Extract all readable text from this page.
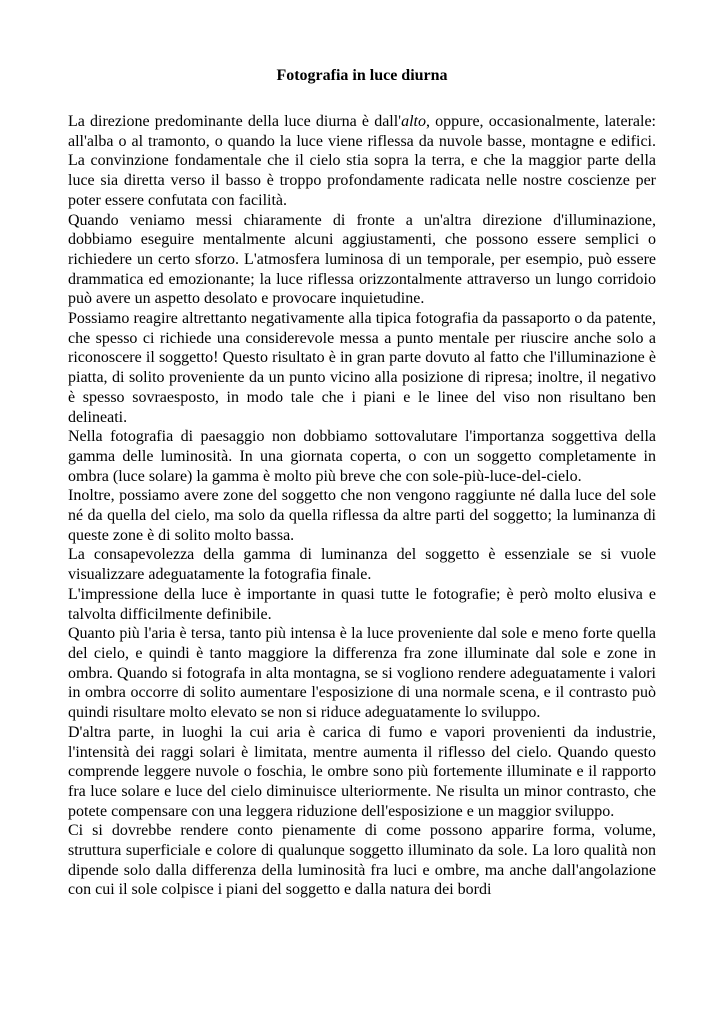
Fotografia in luce diurna

La direzione predominante della luce diurna è dall'alto, oppure, occasionalmente, laterale: all'alba o al tramonto, o quando la luce viene riflessa da nuvole basse, montagne e edifici. La convinzione fondamentale che il cielo stia sopra la terra, e che la maggior parte della luce sia diretta verso il basso è troppo profondamente radicata nelle nostre coscienze per poter essere confutata con facilità.

Quando veniamo messi chiaramente di fronte a un'altra direzione d'illuminazione, dobbiamo eseguire mentalmente alcuni aggiustamenti, che possono essere semplici o richiedere un certo sforzo. L'atmosfera luminosa di un temporale, per esempio, può essere drammatica ed emozionante; la luce riflessa orizzontalmente attraverso un lungo corridoio può avere un aspetto desolato e provocare inquietudine.

Possiamo reagire altrettanto negativamente alla tipica fotografia da passaporto o da patente, che spesso ci richiede una considerevole messa a punto mentale per riuscire anche solo a riconoscere il soggetto! Questo risultato è in gran parte dovuto al fatto che l'illuminazione è piatta, di solito proveniente da un punto vicino alla posizione di ripresa; inoltre, il negativo è spesso sovraesposto, in modo tale che i piani e le linee del viso non risultano ben delineati.

Nella fotografia di paesaggio non dobbiamo sottovalutare l'importanza soggettiva della gamma delle luminosità. In una giornata coperta, o con un soggetto completamente in ombra (luce solare) la gamma è molto più breve che con sole-più-luce-del-cielo.

Inoltre, possiamo avere zone del soggetto che non vengono raggiunte né dalla luce del sole né da quella del cielo, ma solo da quella riflessa da altre parti del soggetto; la luminanza di queste zone è di solito molto bassa.

La consapevolezza della gamma di luminanza del soggetto è essenziale se si vuole visualizzare adeguatamente la fotografia finale.

L'impressione della luce è importante in quasi tutte le fotografie; è però molto elusiva e talvolta difficilmente definibile.

Quanto più l'aria è tersa, tanto più intensa è la luce proveniente dal sole e meno forte quella del cielo, e quindi è tanto maggiore la differenza fra zone illuminate dal sole e zone in ombra. Quando si fotografa in alta montagna, se si vogliono rendere adeguatamente i valori in ombra occorre di solito aumentare l'esposizione di una normale scena, e il contrasto può quindi risultare molto elevato se non si riduce adeguatamente lo sviluppo.

D'altra parte, in luoghi la cui aria è carica di fumo e vapori provenienti da industrie, l'intensità dei raggi solari è limitata, mentre aumenta il riflesso del cielo. Quando questo comprende leggere nuvole o foschia, le ombre sono più fortemente illuminate e il rapporto fra luce solare e luce del cielo diminuisce ulteriormente. Ne risulta un minor contrasto, che potete compensare con una leggera riduzione dell'esposizione e un maggior sviluppo.

Ci si dovrebbe rendere conto pienamente di come possono apparire forma, volume, struttura superficiale e colore di qualunque soggetto illuminato da sole. La loro qualità non dipende solo dalla differenza della luminosità fra luci e ombre, ma anche dall'angolazione con cui il sole colpisce i piani del soggetto e dalla natura dei bordi
